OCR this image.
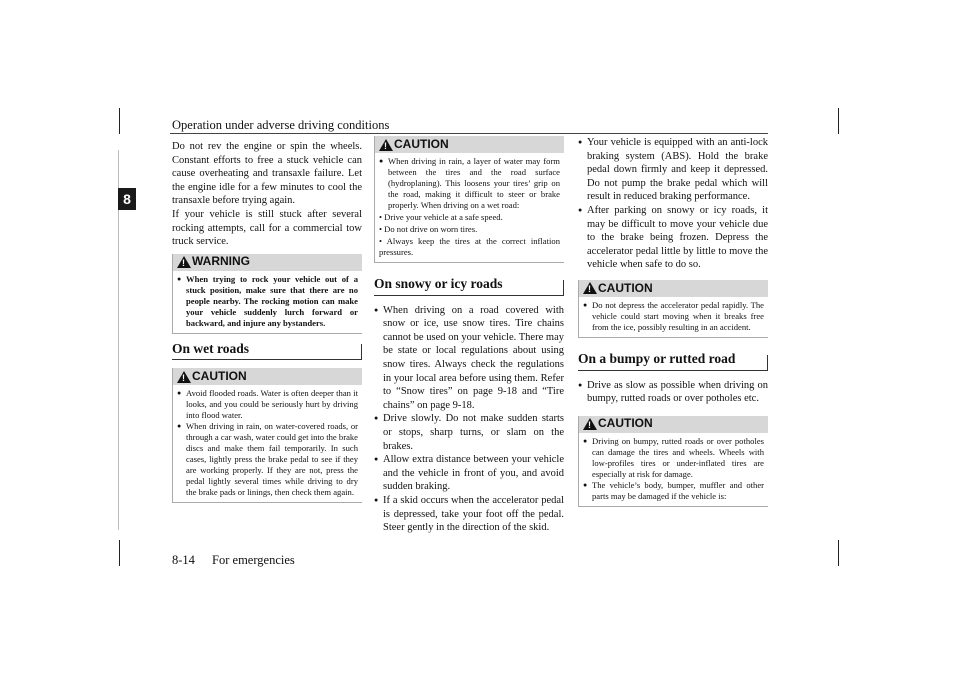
Operation under adverse driving conditions
8

Do not rev the engine or spin the wheels. Constant efforts to free a stuck vehicle can cause overheating and transaxle failure. Let the engine idle for a few minutes to cool the transaxle before trying again.

If your vehicle is still stuck after several rocking attempts, call for a commercial tow truck service.

!
WARNING

● When trying to rock your vehicle out of a stuck position, make sure that there are no people nearby. The rocking motion can make your vehicle suddenly lurch forward or backward, and injure any bystanders.

On wet roads
!
CAUTION

● Avoid flooded roads. Water is often deeper than it looks, and you could be seriously hurt by driving into flood water.

● When driving in rain, on water-covered roads, or through a car wash, water could get into the brake discs and make them fail temporarily. In such cases, lightly press the brake pedal to see if they are working properly. If they are not, press the pedal lightly several times while driving to dry the brake pads or linings, then check them again.

!
CAUTION

● When driving in rain, a layer of water may form between the tires and the road surface (hydroplaning). This loosens your tires’ grip on the road, making it difficult to steer or brake properly. When driving on a wet road:

• Drive your vehicle at a safe speed.

• Do not drive on worn tires.

• Always keep the tires at the correct inflation pressures.

On snowy or icy roads

● When driving on a road covered with snow or ice, use snow tires. Tire chains cannot be used on your vehicle. There may be state or local regulations about using snow tires. Always check the regulations in your local area before using them. Refer to “Snow tires” on page 9-18 and “Tire chains” on page 9-18.

● Drive slowly. Do not make sudden starts or stops, sharp turns, or slam on the brakes.

● Allow extra distance between your vehicle and the vehicle in front of you, and avoid sudden braking.

● If a skid occurs when the accelerator pedal is depressed, take your foot off the pedal. Steer gently in the direction of the skid.

● Your vehicle is equipped with an anti-lock braking system (ABS). Hold the brake pedal down firmly and keep it depressed. Do not pump the brake pedal which will result in reduced braking performance.

● After parking on snowy or icy roads, it may be difficult to move your vehicle due to the brake being frozen. Depress the accelerator pedal little by little to move the vehicle when safe to do so.

!
CAUTION

● Do not depress the accelerator pedal rapidly. The vehicle could start moving when it breaks free from the ice, possibly resulting in an accident.

On a bumpy or rutted road

● Drive as slow as possible when driving on bumpy, rutted roads or over potholes etc.

!
CAUTION

● Driving on bumpy, rutted roads or over potholes can damage the tires and wheels. Wheels with low-profiles tires or under-inflated tires are especially at risk for damage.

● The vehicle’s body, bumper, muffler and other parts may be damaged if the vehicle is:

8-14 For emergencies
